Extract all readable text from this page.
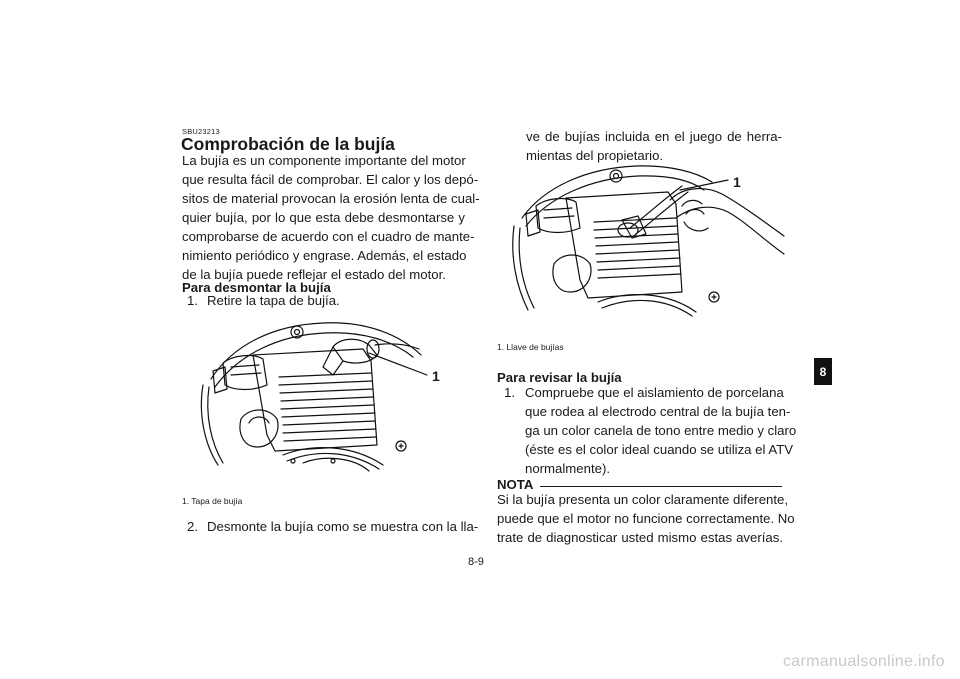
SBU23213
Comprobación de la bujía
La bujía es un componente importante del motor
que resulta fácil de comprobar. El calor y los depó-
sitos de material provocan la erosión lenta de cual-
quier bujía, por lo que esta debe desmontarse y
comprobarse de acuerdo con el cuadro de mante-
nimiento periódico y engrase. Además, el estado
de la bujía puede reflejar el estado del motor.
Para desmontar la bujía
1. Retire la tapa de bujía.
1
1. Tapa de bujía
2. Desmonte la bujía como se muestra con la lla-
ve de bujías incluida en el juego de herra-
mientas del propietario.
1
1. Llave de bujías
Para revisar la bujía
1. Compruebe que el aislamiento de porcelana
que rodea al electrodo central de la bujía ten-
ga un color canela de tono entre medio y claro
(éste es el color ideal cuando se utiliza el ATV
normalmente).
NOTA
Si la bujía presenta un color claramente diferente,
puede que el motor no funcione correctamente. No
trate de diagnosticar usted mismo estas averías.
8
8-9
carmanualsonline.info
